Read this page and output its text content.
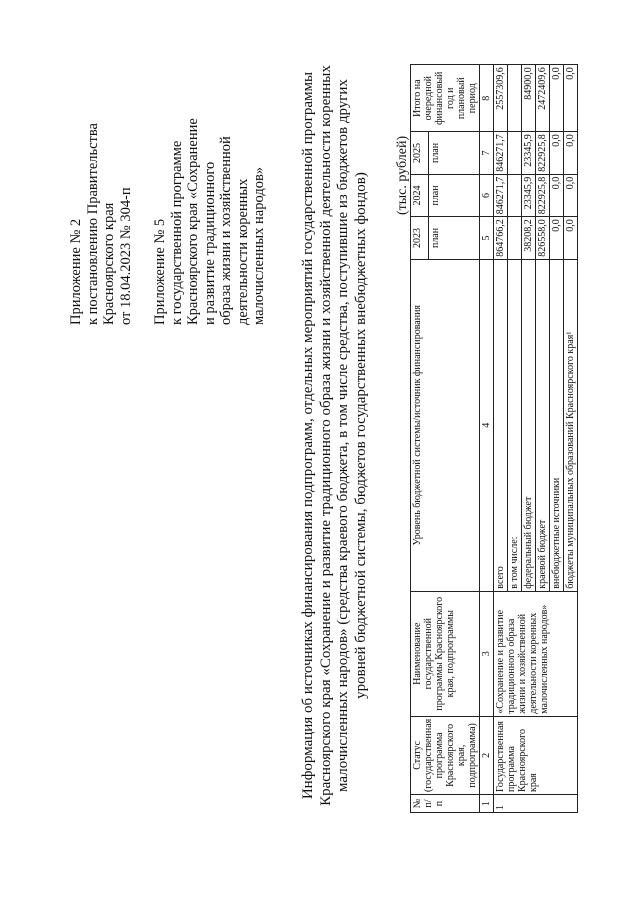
Приложение № 2 к постановлению Правительства Красноярского края от 18.04.2023 № 304-п Приложение № 5 к государственной программе Красноярского края «Сохранение и развитие традиционного образа жизни и хозяйственной деятельности коренных малочисленных народов» Информация об источниках финансирования подпрограмм, отдельных мероприятий государственной программы Красноярского края «Сохранение и развитие традиционного образа жизни и хозяйственной деятельности коренных малочисленных народов» (средства краевого бюджета, в том числе средства, поступившие из бюджетов других уровней бюджетной системы, бюджетов государственных внебюджетных фондов) (тыс. рублей)
№ п/п	Статус (государственная программа Красноярского края, подпрограмма)	Наименование государственной программы Красноярского края, подпрограммы	Уровень бюджетной системы/источник финансирования	2023	2024	2025	Итого на очередной финансовый год и плановый период
				план	план	план	
1	2	3	4	5	6	7	8
1	Государственная программа Красноярского края	«Сохранение и развитие традиционного образа жизни и хозяйственной деятельности коренных малочисленных народов»	всего	864766,2	846271,7	846271,7	2557309,6
			в том числе:				
			федеральный бюджет	38208,2	23345,9	23345,9	84900,0
			краевой бюджет	826558,0	822925,8	822925,8	2472409,6
			внебюджетные источники	0,0	0,0	0,0	0,0
			бюджеты муниципальных образований Красноярского края¹	0,0	0,0	0,0	0,0
